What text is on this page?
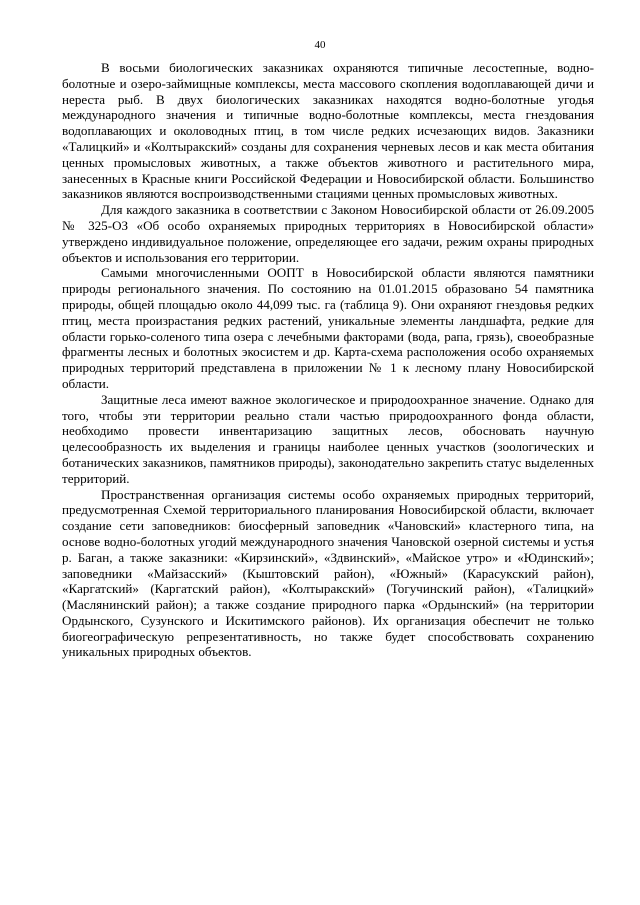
40

В восьми биологических заказниках охраняются типичные лесостепные, водно-болотные и озеро-займищные комплексы, места массового скопления водоплавающей дичи и нереста рыб. В двух биологических заказниках находятся водно-болотные угодья международного значения и типичные водно-болотные комплексы, места гнездования водоплавающих и околоводных птиц, в том числе редких исчезающих видов. Заказники «Талицкий» и «Колтыракский» созданы для сохранения черневых лесов и как места обитания ценных промысловых животных, а также объектов животного и растительного мира, занесенных в Красные книги Российской Федерации и Новосибирской области. Большинство заказников являются воспроизводственными стациями ценных промысловых животных.

Для каждого заказника в соответствии с Законом Новосибирской области от 26.09.2005 № 325-ОЗ «Об особо охраняемых природных территориях в Новосибирской области» утверждено индивидуальное положение, определяющее его задачи, режим охраны природных объектов и использования его территории.

Самыми многочисленными ООПТ в Новосибирской области являются памятники природы регионального значения. По состоянию на 01.01.2015 образовано 54 памятника природы, общей площадью около 44,099 тыс. га (таблица 9). Они охраняют гнездовья редких птиц, места произрастания редких растений, уникальные элементы ландшафта, редкие для области горько-соленого типа озера с лечебными факторами (вода, рапа, грязь), своеобразные фрагменты лесных и болотных экосистем и др. Карта-схема расположения особо охраняемых природных территорий представлена в приложении № 1 к лесному плану Новосибирской области.

Защитные леса имеют важное экологическое и природоохранное значение. Однако для того, чтобы эти территории реально стали частью природоохранного фонда области, необходимо провести инвентаризацию защитных лесов, обосновать научную целесообразность их выделения и границы наиболее ценных участков (зоологических и ботанических заказников, памятников природы), законодательно закрепить статус выделенных территорий.

Пространственная организация системы особо охраняемых природных территорий, предусмотренная Схемой территориального планирования Новосибирской области, включает создание сети заповедников: биосферный заповедник «Чановский» кластерного типа, на основе водно-болотных угодий международного значения Чановской озерной системы и устья р. Баган, а также заказники: «Кирзинский», «Здвинский», «Майское утро» и «Юдинский»; заповедники «Майзасский» (Кыштовский район), «Южный» (Карасукский район), «Каргатский» (Каргатский район), «Колтыракский» (Тогучинский район), «Талицкий» (Маслянинский район); а также создание природного парка «Ордынский» (на территории Ордынского, Сузунского и Искитимского районов). Их организация обеспечит не только биогеографическую репрезентативность, но также будет способствовать сохранению уникальных природных объектов.
